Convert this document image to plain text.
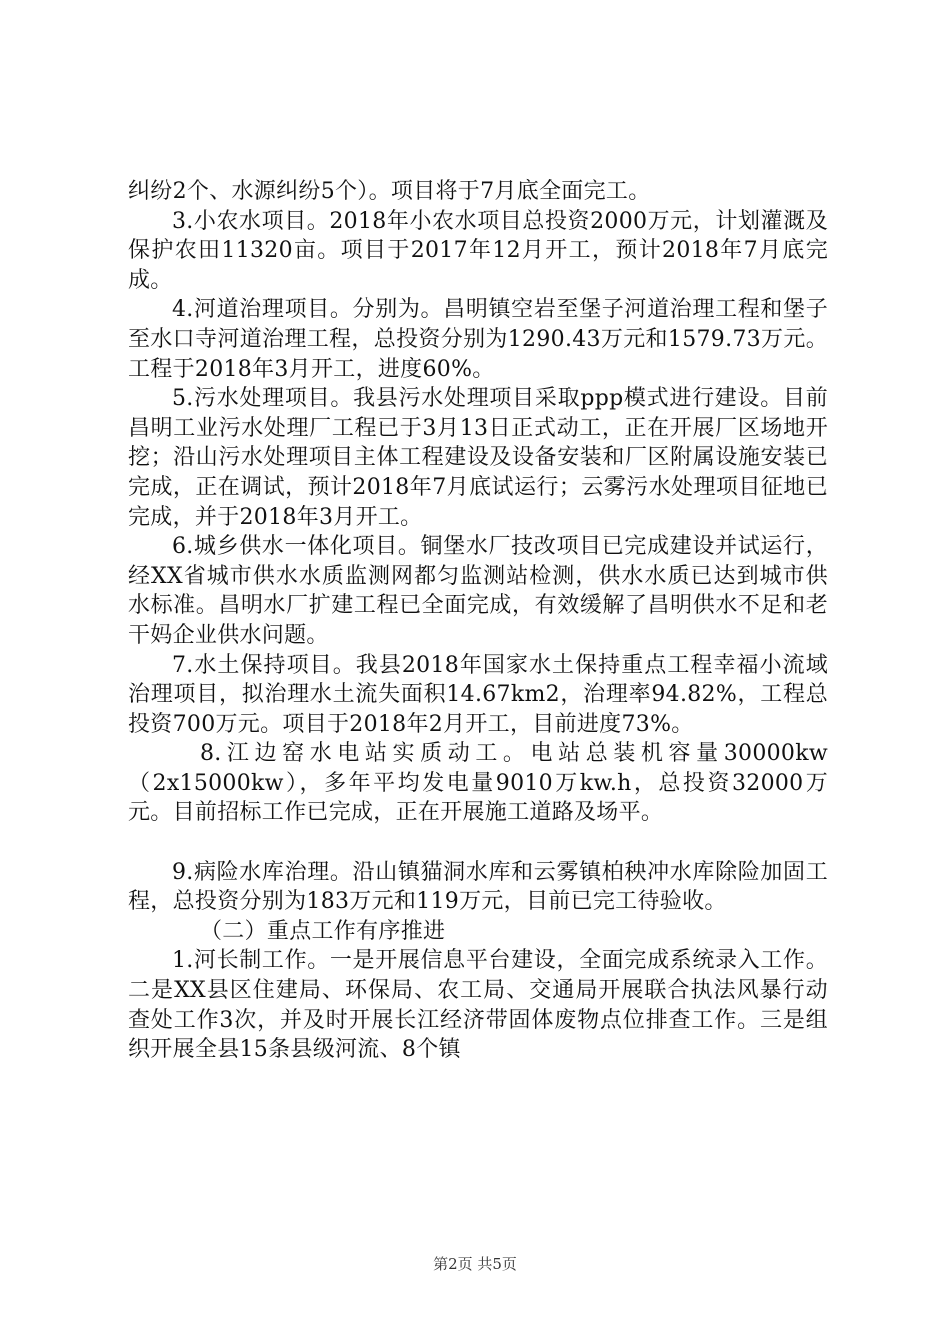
纠纷2个、水源纠纷5个）。项目将于7月底全面完工。

3.小农水项目。2018年小农水项目总投资2000万元，计划灌溉及保护农田11320亩。项目于2017年12月开工，预计2018年7月底完成。

4.河道治理项目。分别为。昌明镇空岩至堡子河道治理工程和堡子至水口寺河道治理工程，总投资分别为1290.43万元和1579.73万元。工程于2018年3月开工，进度60%。

5.污水处理项目。我县污水处理项目采取ppp模式进行建设。目前昌明工业污水处理厂工程已于3月13日正式动工，正在开展厂区场地开挖；沿山污水处理项目主体工程建设及设备安装和厂区附属设施安装已完成，正在调试，预计2018年7月底试运行；云雾污水处理项目征地已完成，并于2018年3月开工。

6.城乡供水一体化项目。铜堡水厂技改项目已完成建设并试运行，经XX省城市供水水质监测网都匀监测站检测，供水水质已达到城市供水标准。昌明水厂扩建工程已全面完成，有效缓解了昌明供水不足和老干妈企业供水问题。

7.水土保持项目。我县2018年国家水土保持重点工程幸福小流域治理项目，拟治理水土流失面积14.67km2，治理率94.82%，工程总投资700万元。项目于2018年2月开工，目前进度73%。

8.江边窑水电站实质动工。电站总装机容量30000kw（2x15000kw），多年平均发电量9010万kw.h，总投资32000万元。目前招标工作已完成，正在开展施工道路及场平。

9.病险水库治理。沿山镇猫洞水库和云雾镇柏秧冲水库除险加固工程，总投资分别为183万元和119万元，目前已完工待验收。

（二）重点工作有序推进

1.河长制工作。一是开展信息平台建设，全面完成系统录入工作。二是XX县区住建局、环保局、农工局、交通局开展联合执法风暴行动查处工作3次，并及时开展长江经济带固体废物点位排查工作。三是组织开展全县15条县级河流、8个镇

第2页 共5页
